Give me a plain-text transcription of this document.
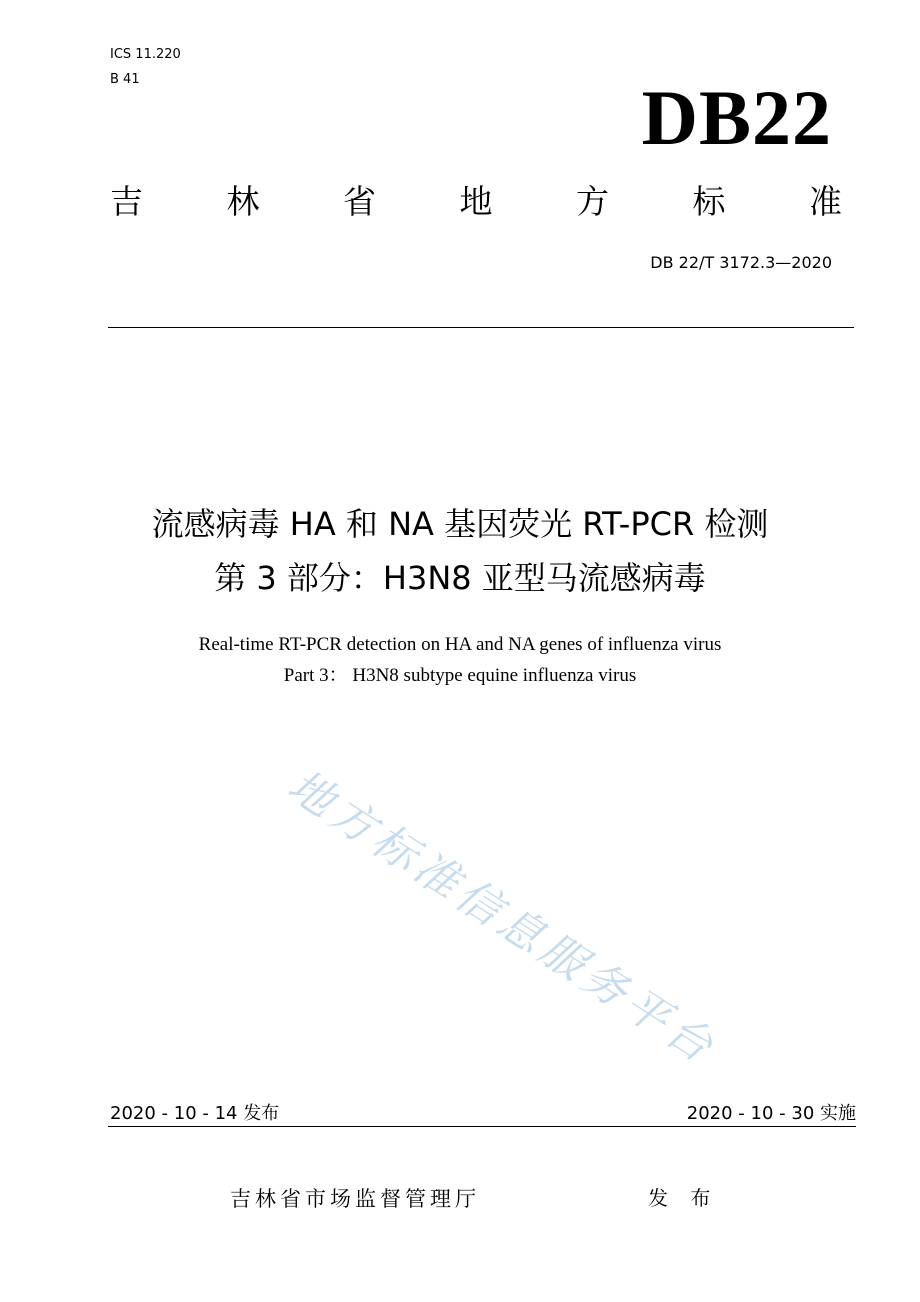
ICS 11.220
B 41	DB22
吉	林	省	地	方	标	准
DB 22/T 3172.3—2020
流感病毒 HA 和 NA 基因荧光 RT-PCR 检测
第 3 部分：H3N8 亚型马流感病毒
Real-time RT-PCR detection on HA and NA genes of influenza virus
Part 3： H3N8 subtype equine influenza virus
地方标准信息服务平台
2020 - 10 - 14 发布	2020 - 10 - 30 实施
吉林省市场监督管理厅	发 布
